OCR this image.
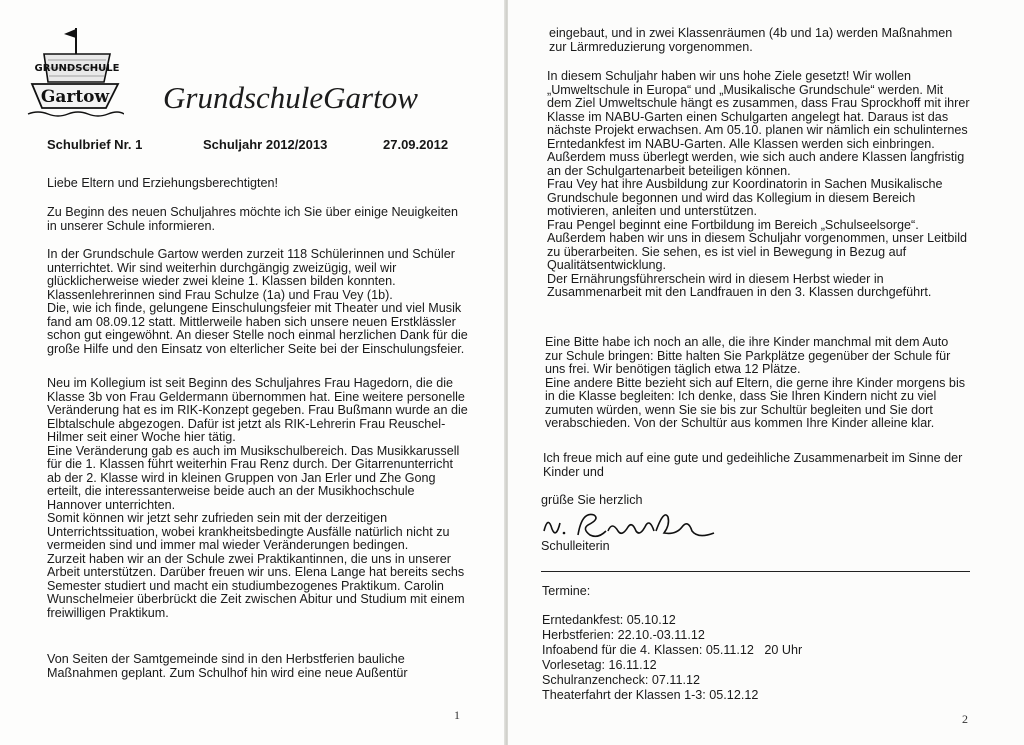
GRUNDSCHULE
Gartow GrundschuleGartow
Schulbrief Nr. 1	Schuljahr 2012/2013	27.09.2012
Liebe Eltern und Erziehungsberechtigten!
Zu Beginn des neuen Schuljahres möchte ich Sie über einige Neuigkeiten
in unserer Schule informieren.
In der Grundschule Gartow werden zurzeit 118 Schülerinnen und Schüler
unterrichtet. Wir sind weiterhin durchgängig zweizügig, weil wir
glücklicherweise wieder zwei kleine 1. Klassen bilden konnten.
Klassenlehrerinnen sind Frau Schulze (1a) und Frau Vey (1b).
Die, wie ich finde, gelungene Einschulungsfeier mit Theater und viel Musik
fand am 08.09.12 statt. Mittlerweile haben sich unsere neuen Erstklässler
schon gut eingewöhnt. An dieser Stelle noch einmal herzlichen Dank für die
große Hilfe und den Einsatz von elterlicher Seite bei der Einschulungsfeier.
Neu im Kollegium ist seit Beginn des Schuljahres Frau Hagedorn, die die
Klasse 3b von Frau Geldermann übernommen hat. Eine weitere personelle
Veränderung hat es im RIK-Konzept gegeben. Frau Bußmann wurde an die
Elbtalschule abgezogen. Dafür ist jetzt als RIK-Lehrerin Frau Reuschel-
Hilmer seit einer Woche hier tätig.
Eine Veränderung gab es auch im Musikschulbereich. Das Musikkarussell
für die 1. Klassen führt weiterhin Frau Renz durch. Der Gitarrenunterricht
ab der 2. Klasse wird in kleinen Gruppen von Jan Erler und Zhe Gong
erteilt, die interessanterweise beide auch an der Musikhochschule
Hannover unterrichten.
Somit können wir jetzt sehr zufrieden sein mit der derzeitigen
Unterrichtssituation, wobei krankheitsbedingte Ausfälle natürlich nicht zu
vermeiden sind und immer mal wieder Veränderungen bedingen.
Zurzeit haben wir an der Schule zwei Praktikantinnen, die uns in unserer
Arbeit unterstützen. Darüber freuen wir uns. Elena Lange hat bereits sechs
Semester studiert und macht ein studiumbezogenes Praktikum. Carolin
Wunschelmeier überbrückt die Zeit zwischen Abitur und Studium mit einem
freiwilligen Praktikum.
Von Seiten der Samtgemeinde sind in den Herbstferien bauliche
Maßnahmen geplant. Zum Schulhof hin wird eine neue Außentür
1
eingebaut, und in zwei Klassenräumen (4b und 1a) werden Maßnahmen
zur Lärmreduzierung vorgenommen.
In diesem Schuljahr haben wir uns hohe Ziele gesetzt! Wir wollen
„Umweltschule in Europa“ und „Musikalische Grundschule“ werden. Mit
dem Ziel Umweltschule hängt es zusammen, dass Frau Sprockhoff mit ihrer
Klasse im NABU-Garten einen Schulgarten angelegt hat. Daraus ist das
nächste Projekt erwachsen. Am 05.10. planen wir nämlich ein schulinternes
Erntedankfest im NABU-Garten. Alle Klassen werden sich einbringen.
Außerdem muss überlegt werden, wie sich auch andere Klassen langfristig
an der Schulgartenarbeit beteiligen können.
Frau Vey hat ihre Ausbildung zur Koordinatorin in Sachen Musikalische
Grundschule begonnen und wird das Kollegium in diesem Bereich
motivieren, anleiten und unterstützen.
Frau Pengel beginnt eine Fortbildung im Bereich „Schulseelsorge“.
Außerdem haben wir uns in diesem Schuljahr vorgenommen, unser Leitbild
zu überarbeiten. Sie sehen, es ist viel in Bewegung in Bezug auf
Qualitätsentwicklung.
Der Ernährungsführerschein wird in diesem Herbst wieder in
Zusammenarbeit mit den Landfrauen in den 3. Klassen durchgeführt.
Eine Bitte habe ich noch an alle, die ihre Kinder manchmal mit dem Auto
zur Schule bringen: Bitte halten Sie Parkplätze gegenüber der Schule für
uns frei. Wir benötigen täglich etwa 12 Plätze.
Eine andere Bitte bezieht sich auf Eltern, die gerne ihre Kinder morgens bis
in die Klasse begleiten: Ich denke, dass Sie Ihren Kindern nicht zu viel
zumuten würden, wenn Sie sie bis zur Schultür begleiten und Sie dort
verabschieden. Von der Schultür aus kommen Ihre Kinder alleine klar.
Ich freue mich auf eine gute und gedeihliche Zusammenarbeit im Sinne der
Kinder und
grüße Sie herzlich
Schulleiterin
Termine:
Erntedankfest: 05.10.12
Herbstferien: 22.10.-03.11.12
Infoabend für die 4. Klassen: 05.11.12   20 Uhr
Vorlesetag: 16.11.12
Schulranzencheck: 07.11.12
Theaterfahrt der Klassen 1-3: 05.12.12
2
